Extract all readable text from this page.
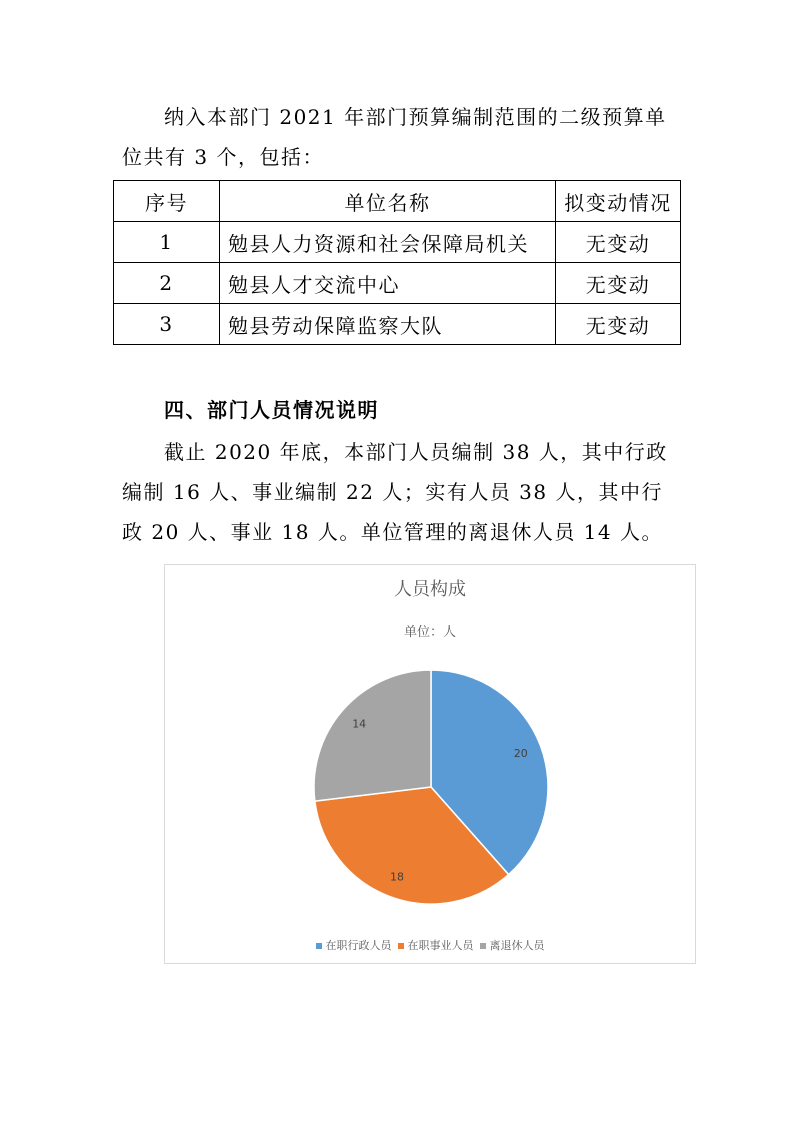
纳入本部门 2021 年部门预算编制范围的二级预算单位共有 3 个，包括：

序号	单位名称	拟变动情况
1	勉县人力资源和社会保障局机关	无变动
2	勉县人才交流中心	无变动
3	勉县劳动保障监察大队	无变动
四、部门人员情况说明

截止 2020 年底，本部门人员编制 38 人，其中行政编制 16 人、事业编制 22 人；实有人员 38 人，其中行政 20 人、事业 18 人。单位管理的离退休人员 14 人。

人员构成
单位：人
20
18
14
在职行政人员 在职事业人员 离退休人员
